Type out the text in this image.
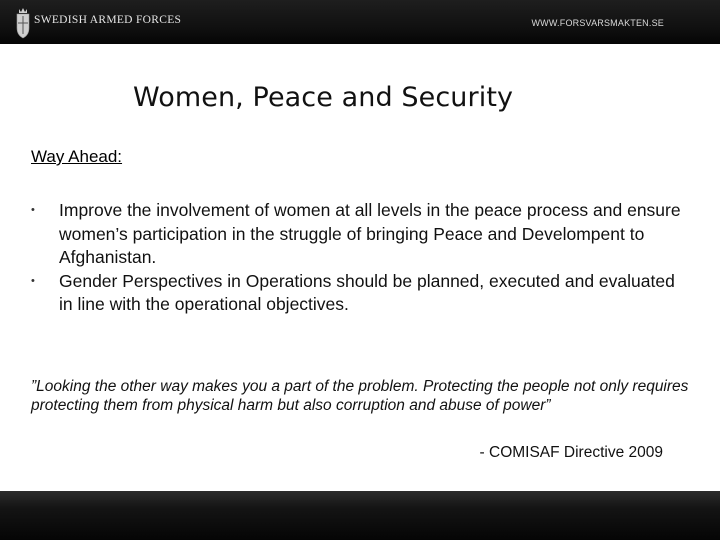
SWEDISH ARMED FORCES	WWW.FORSVARSMAKTEN.SE
Women, Peace and Security
Way Ahead:
• Improve the involvement of women at all levels in the peace process and ensure women’s participation in the struggle of bringing Peace and Develompent to Afghanistan.
• Gender Perspectives in Operations should be planned, executed and evaluated in line with the operational objectives.
”Looking the other way makes you a part of the problem. Protecting the people not only requires protecting them from physical harm but also corruption and abuse of power”
- COMISAF Directive 2009
